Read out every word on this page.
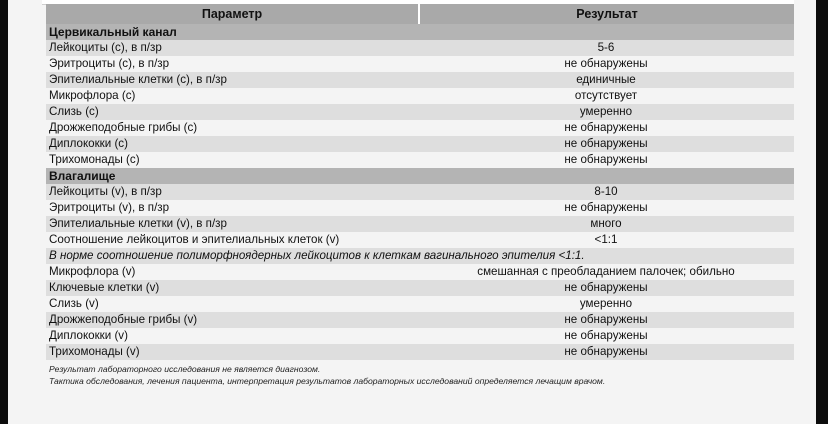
Параметр	Результат
Цервикальный канал
Лейкоциты (c), в п/зр	5-6
Эритроциты (c), в п/зр	не обнаружены
Эпителиальные клетки (c), в п/зр	единичные
Микрофлора (c)	отсутствует
Слизь (c)	умеренно
Дрожжеподобные грибы (c)	не обнаружены
Диплококки (c)	не обнаружены
Трихомонады (c)	не обнаружены
Влагалище
Лейкоциты (v), в п/зр	8-10
Эритроциты (v), в п/зр	не обнаружены
Эпителиальные клетки (v), в п/зр	много
Соотношение лейкоцитов и эпителиальных клеток (v)	<1:1
В норме соотношение полиморфноядерных лейкоцитов к клеткам вагинального эпителия <1:1.
Микрофлора (v)	смешанная с преобладанием палочек; обильно
Ключевые клетки (v)	не обнаружены
Слизь (v)	умеренно
Дрожжеподобные грибы (v)	не обнаружены
Диплококки (v)	не обнаружены
Трихомонады (v)	не обнаружены
Результат лабораторного исследования не является диагнозом.
Тактика обследования, лечения пациента, интерпретация результатов лабораторных исследований определяется лечащим врачом.
